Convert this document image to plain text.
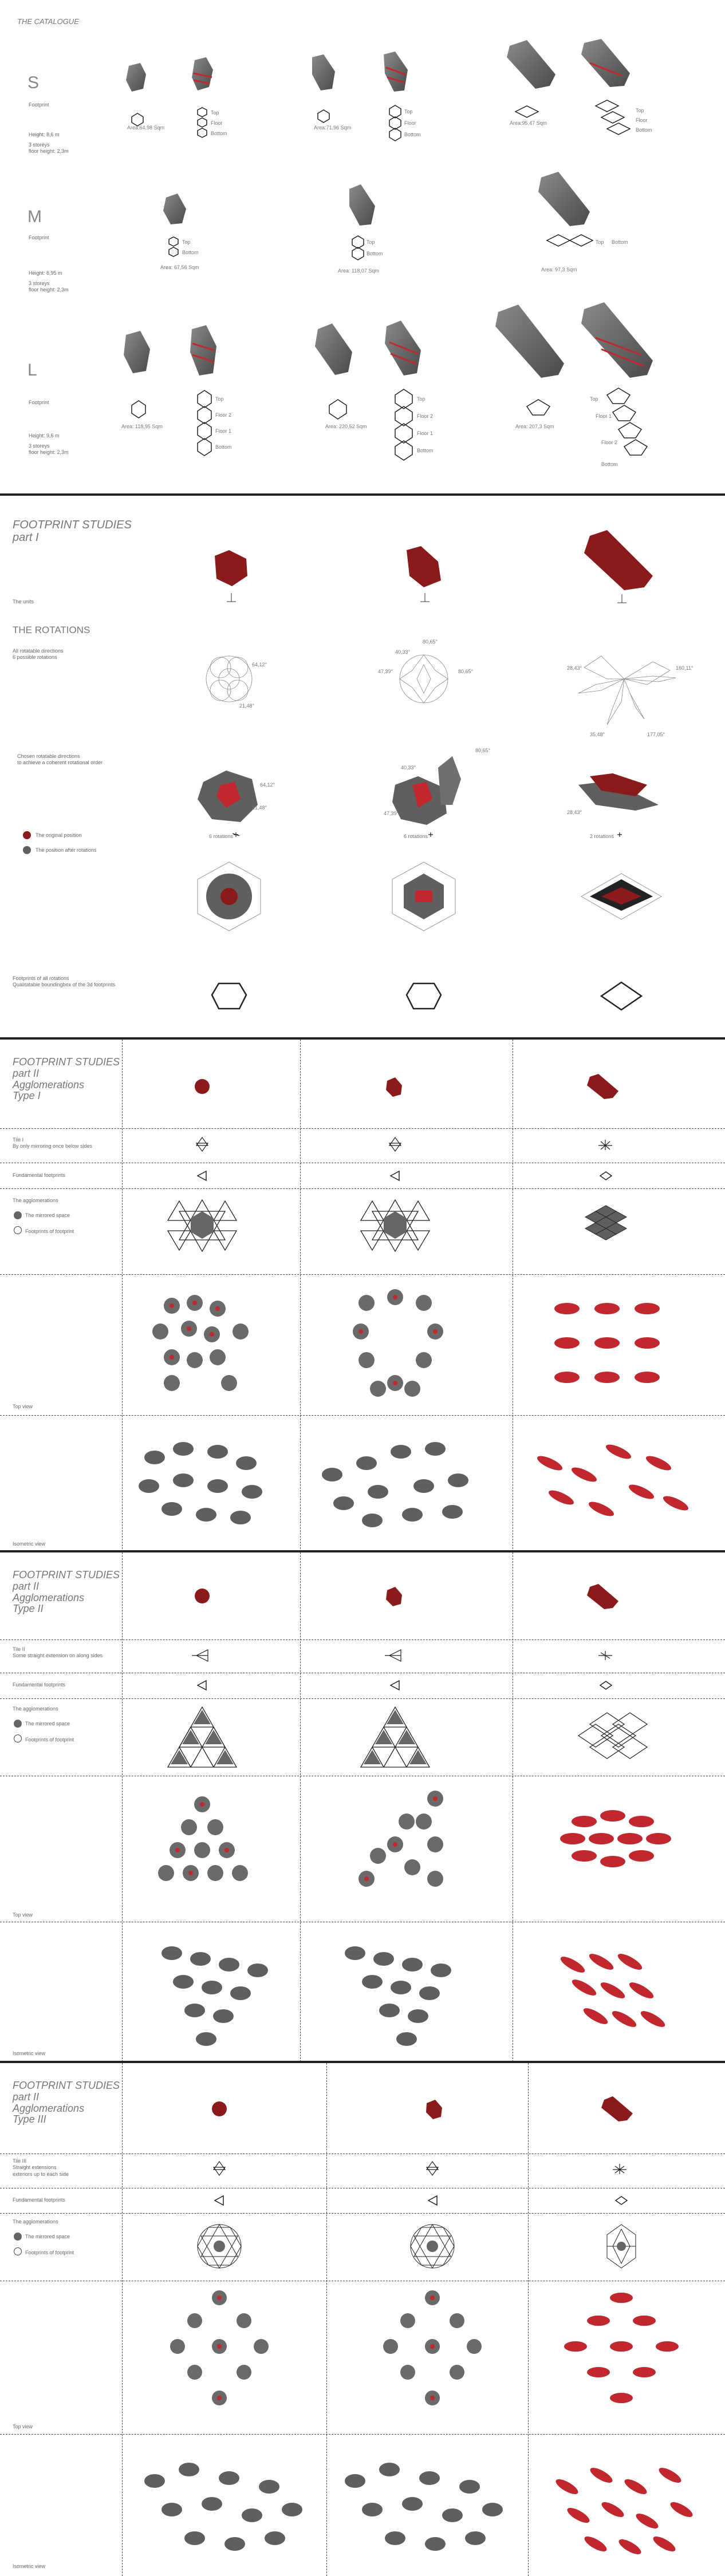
THE CATALOGUE
S
Footprint
Height: 8,6 m
3 storeys
floor height: 2,3m
M
Footprint
Height: 6,95 m
3 storeys
floor height: 2,3m
L
Footprint
Height: 9,6 m
3 storeys
floor height: 2,3m
Area:64,98 Sqm
Top
Floor
Bottom
Area:71,96 Sqm
Top
Floor
Bottom
Area:95,47 Sqm
Top
Floor
Bottom
Area: 67,56 Sqm
Top
Bottom
Area: 118,07 Sqm
Top
Bottom
Area: 97,3 Sqm
Top Bottom
Area: 118,95 Sqm
Top
Floor 2
Floor 1
Bottom
Area: 220,52 Sqm
Top
Floor 2
Floor 1
Bottom
Area: 207,3 Sqm
Top
Floor 1
Floor 2
Bottom
FOOTPRINT STUDIES
part I
The units
THE ROTATIONS
All rotatable directions
6 possible rotations
Chosen rotatable directions
to achieve a coherent rotational order
The original position
The position after rotations
Footprints of all rotations
Qualitatable boundingbox of the 3d footprints
64,12°
21,48°
40,33°
80,65°
80,65°
47,39°
28,43°	160,11°
35,48°	177,05°
64,12°
21,48°
40,33°
80,65°
47,39°	28,43°
6 rotations	6 rotations	2 rotations
FOOTPRINT STUDIES
part II
Agglomerations
Type I
Tile I
By only mirroring once below sides
Fundamental footprints
The agglomerations
The mirrored space
Footprints of footprint
Top view
Isometric view
FOOTPRINT STUDIES
part II
Agglomerations
Type II
Tile II
Some straight extension on along sides
Fundamental footprints
The agglomerations
The mirrored space
Footprints of footprint
Top view
Isometric view
FOOTPRINT STUDIES
part II
Agglomerations
Type III
Tile III
Straight extensions
exteriors up to each side
Fundamental footprints
The agglomerations
The mirrored space
Footprints of footprint
Top view
Isometric view
